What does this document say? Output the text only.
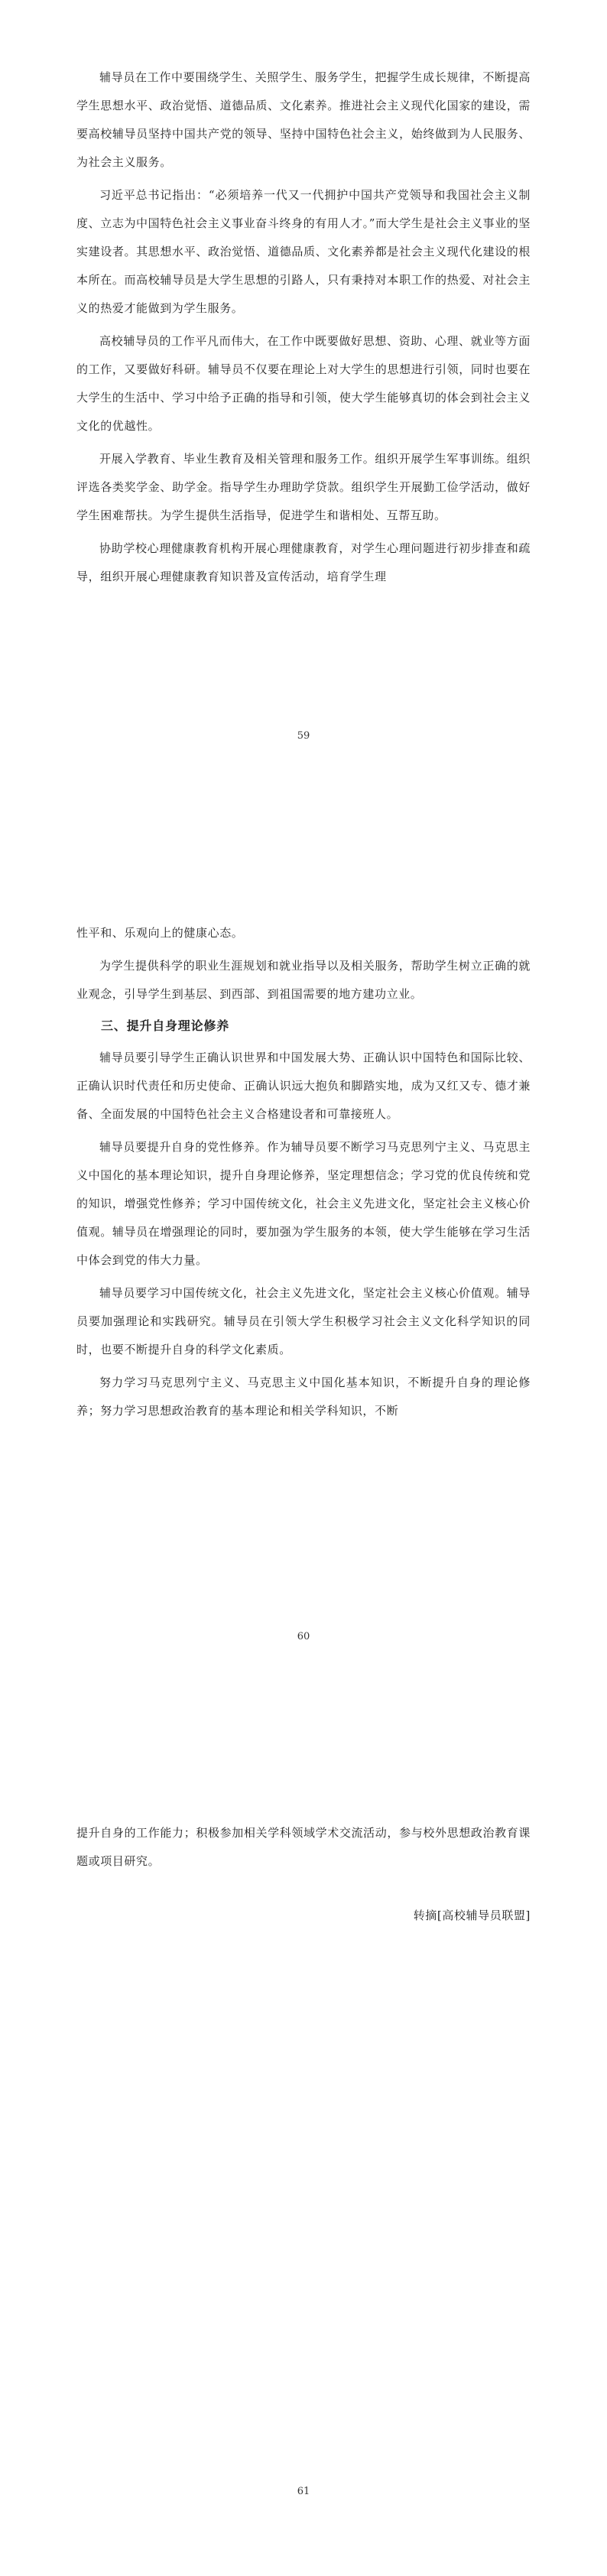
辅导员在工作中要围绕学生、关照学生、服务学生，把握学生成长规律，不断提高学生思想水平、政治觉悟、道德品质、文化素养。推进社会主义现代化国家的建设，需要高校辅导员坚持中国共产党的领导、坚持中国特色社会主义，始终做到为人民服务、为社会主义服务。

习近平总书记指出：“必须培养一代又一代拥护中国共产党领导和我国社会主义制度、立志为中国特色社会主义事业奋斗终身的有用人才。”而大学生是社会主义事业的坚实建设者。其思想水平、政治觉悟、道德品质、文化素养都是社会主义现代化建设的根本所在。而高校辅导员是大学生思想的引路人，只有秉持对本职工作的热爱、对社会主义的热爱才能做到为学生服务。

高校辅导员的工作平凡而伟大，在工作中既要做好思想、资助、心理、就业等方面的工作，又要做好科研。辅导员不仅要在理论上对大学生的思想进行引领，同时也要在大学生的生活中、学习中给予正确的指导和引领，使大学生能够真切的体会到社会主义文化的优越性。

开展入学教育、毕业生教育及相关管理和服务工作。组织开展学生军事训练。组织评选各类奖学金、助学金。指导学生办理助学贷款。组织学生开展勤工俭学活动，做好学生困难帮扶。为学生提供生活指导，促进学生和谐相处、互帮互助。

协助学校心理健康教育机构开展心理健康教育，对学生心理问题进行初步排查和疏导，组织开展心理健康教育知识普及宣传活动，培育学生理

59

性平和、乐观向上的健康心态。

为学生提供科学的职业生涯规划和就业指导以及相关服务，帮助学生树立正确的就业观念，引导学生到基层、到西部、到祖国需要的地方建功立业。

三、提升自身理论修养

辅导员要引导学生正确认识世界和中国发展大势、正确认识中国特色和国际比较、正确认识时代责任和历史使命、正确认识远大抱负和脚踏实地，成为又红又专、德才兼备、全面发展的中国特色社会主义合格建设者和可靠接班人。

辅导员要提升自身的党性修养。作为辅导员要不断学习马克思列宁主义、马克思主义中国化的基本理论知识，提升自身理论修养，坚定理想信念；学习党的优良传统和党的知识，增强党性修养；学习中国传统文化，社会主义先进文化，坚定社会主义核心价值观。辅导员在增强理论的同时，要加强为学生服务的本领，使大学生能够在学习生活中体会到党的伟大力量。

辅导员要学习中国传统文化，社会主义先进文化，坚定社会主义核心价值观。辅导员要加强理论和实践研究。辅导员在引领大学生积极学习社会主义文化科学知识的同时，也要不断提升自身的科学文化素质。

努力学习马克思列宁主义、马克思主义中国化基本知识，不断提升自身的理论修养；努力学习思想政治教育的基本理论和相关学科知识，不断

60

提升自身的工作能力；积极参加相关学科领域学术交流活动，参与校外思想政治教育课题或项目研究。

转摘[高校辅导员联盟]

61
